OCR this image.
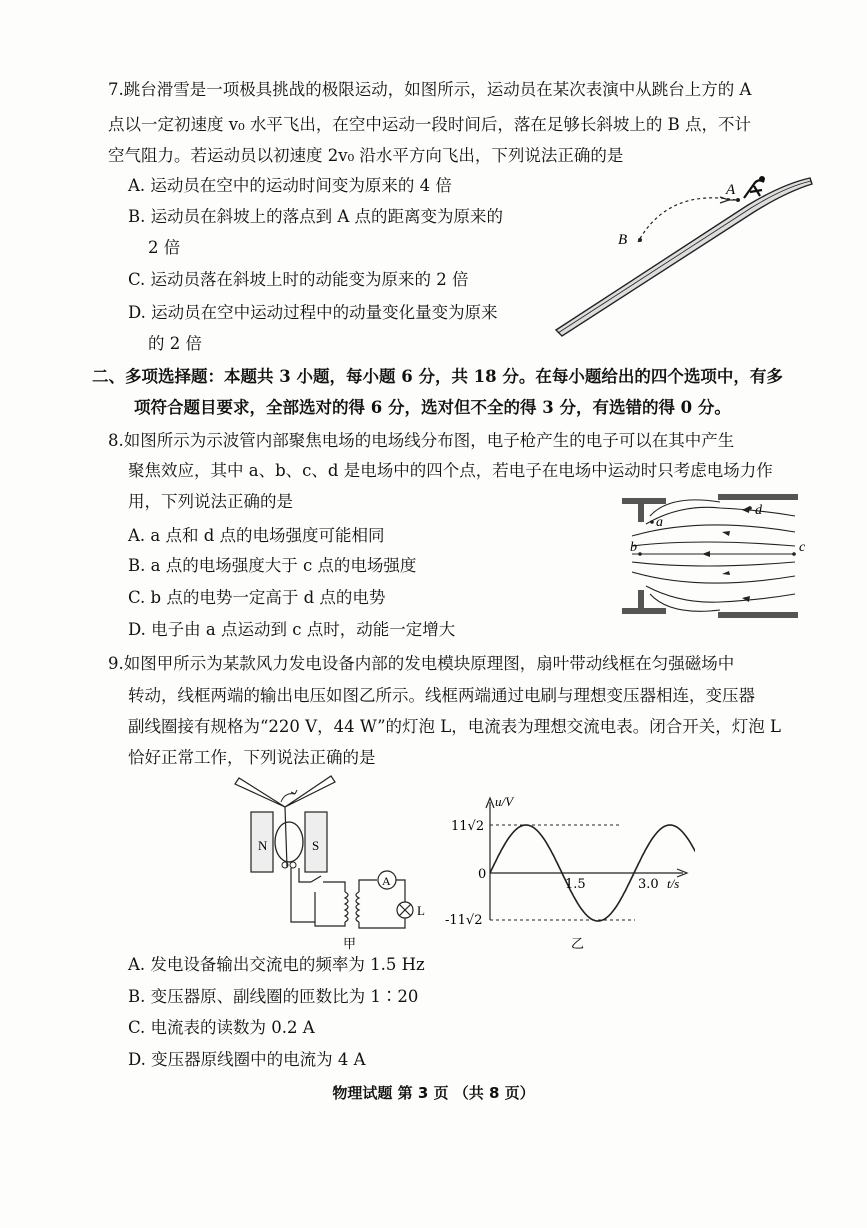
7.跳台滑雪是一项极具挑战的极限运动，如图所示，运动员在某次表演中从跳台上方的 A
点以一定初速度 v₀ 水平飞出，在空中运动一段时间后，落在足够长斜坡上的 B 点，不计
空气阻力。若运动员以初速度 2v₀ 沿水平方向飞出，下列说法正确的是
A. 运动员在空中的运动时间变为原来的 4 倍
B. 运动员在斜坡上的落点到 A 点的距离变为原来的
2 倍
C. 运动员落在斜坡上时的动能变为原来的 2 倍
D. 运动员在空中运动过程中的动量变化量变为原来
的 2 倍
A
B
二、多项选择题：本题共 3 小题，每小题 6 分，共 18 分。在每小题给出的四个选项中，有多
项符合题目要求，全部选对的得 6 分，选对但不全的得 3 分，有选错的得 0 分。
8.如图所示为示波管内部聚焦电场的电场线分布图，电子枪产生的电子可以在其中产生
聚焦效应，其中 a、b、c、d 是电场中的四个点，若电子在电场中运动时只考虑电场力作
用，下列说法正确的是
A. a 点和 d 点的电场强度可能相同
B. a 点的电场强度大于 c 点的电场强度
C. b 点的电势一定高于 d 点的电势
D. 电子由 a 点运动到 c 点时，动能一定增大
a
d
b	c
9.如图甲所示为某款风力发电设备内部的发电模块原理图，扇叶带动线框在匀强磁场中
转动，线框两端的输出电压如图乙所示。线框两端通过电刷与理想变压器相连，变压器
副线圈接有规格为“220 V，44 W”的灯泡 L，电流表为理想交流电表。闭合开关，灯泡 L
恰好正常工作，下列说法正确的是
N	S
A
L
甲
u/V
11√2
-11√2
0
1.5	3.0 t/s
乙
A. 发电设备输出交流电的频率为 1.5 Hz
B. 变压器原、副线圈的匝数比为 1∶20
C. 电流表的读数为 0.2 A
D. 变压器原线圈中的电流为 4 A
物理试题 第 3 页 （共 8 页）
